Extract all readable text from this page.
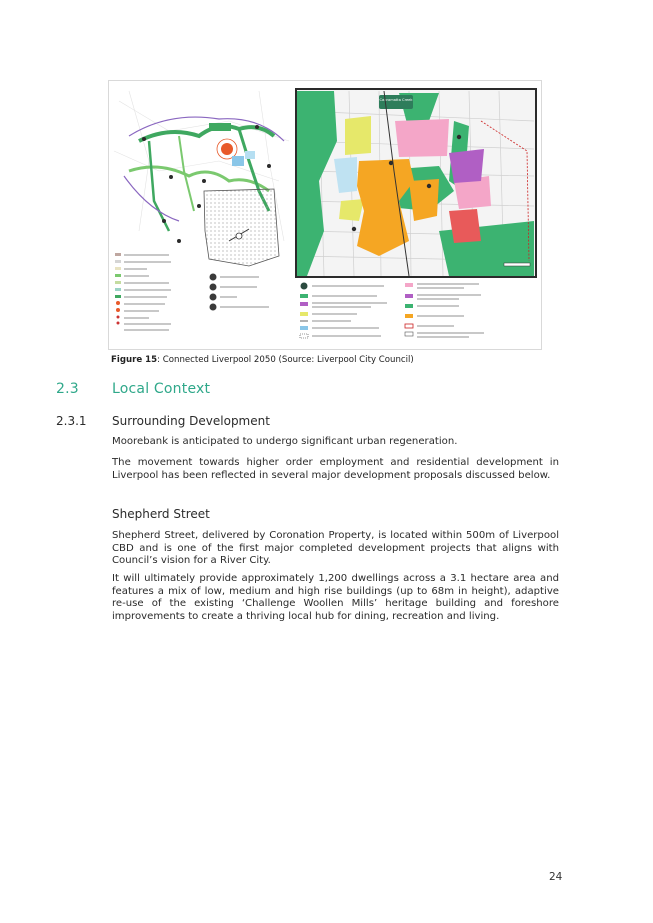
Cabramatta Creek
Figure 15: Connected Liverpool 2050 (Source: Liverpool City Council)
2.3 Local Context
2.3.1 Surrounding Development
Moorebank is anticipated to undergo significant urban regeneration.
The movement towards higher order employment and residential development in Liverpool has been reflected in several major development proposals discussed below.
Shepherd Street
Shepherd Street, delivered by Coronation Property, is located within 500m of Liverpool CBD and is one of the first major completed development projects that aligns with Council’s vision for a River City.
It will ultimately provide approximately 1,200 dwellings across a 3.1 hectare area and features a mix of low, medium and high rise buildings (up to 68m in height), adaptive re-use of the existing ‘Challenge Woollen Mills’ heritage building and foreshore improvements to create a thriving local hub for dining, recreation and living.
24
